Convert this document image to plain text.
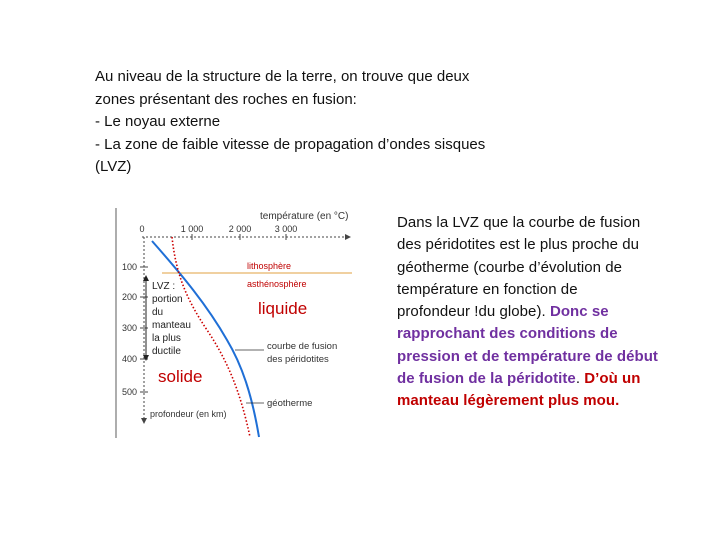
Au niveau de la structure de la terre, on trouve que deux
zones présentant des roches en fusion:
- Le noyau externe
- La zone de faible vitesse de propagation d’ondes sisques
(LVZ)
température (en °C)
0	1 000	2 000	3 000
100
200
300
400
500
profondeur (en km)
lithosphère
asthénosphère
LVZ :
portion
du
manteau
la plus
ductile
liquide
solide
courbe de fusion
des péridotites
géotherme
Dans la LVZ que la courbe de fusion
des péridotites est le plus proche du
géotherme (courbe d’évolution de
température en fonction de
profondeur !du globe). Donc se
rapprochant des conditions de
pression et de température de début
de fusion de la péridotite. D’où un
manteau légèrement plus mou.
